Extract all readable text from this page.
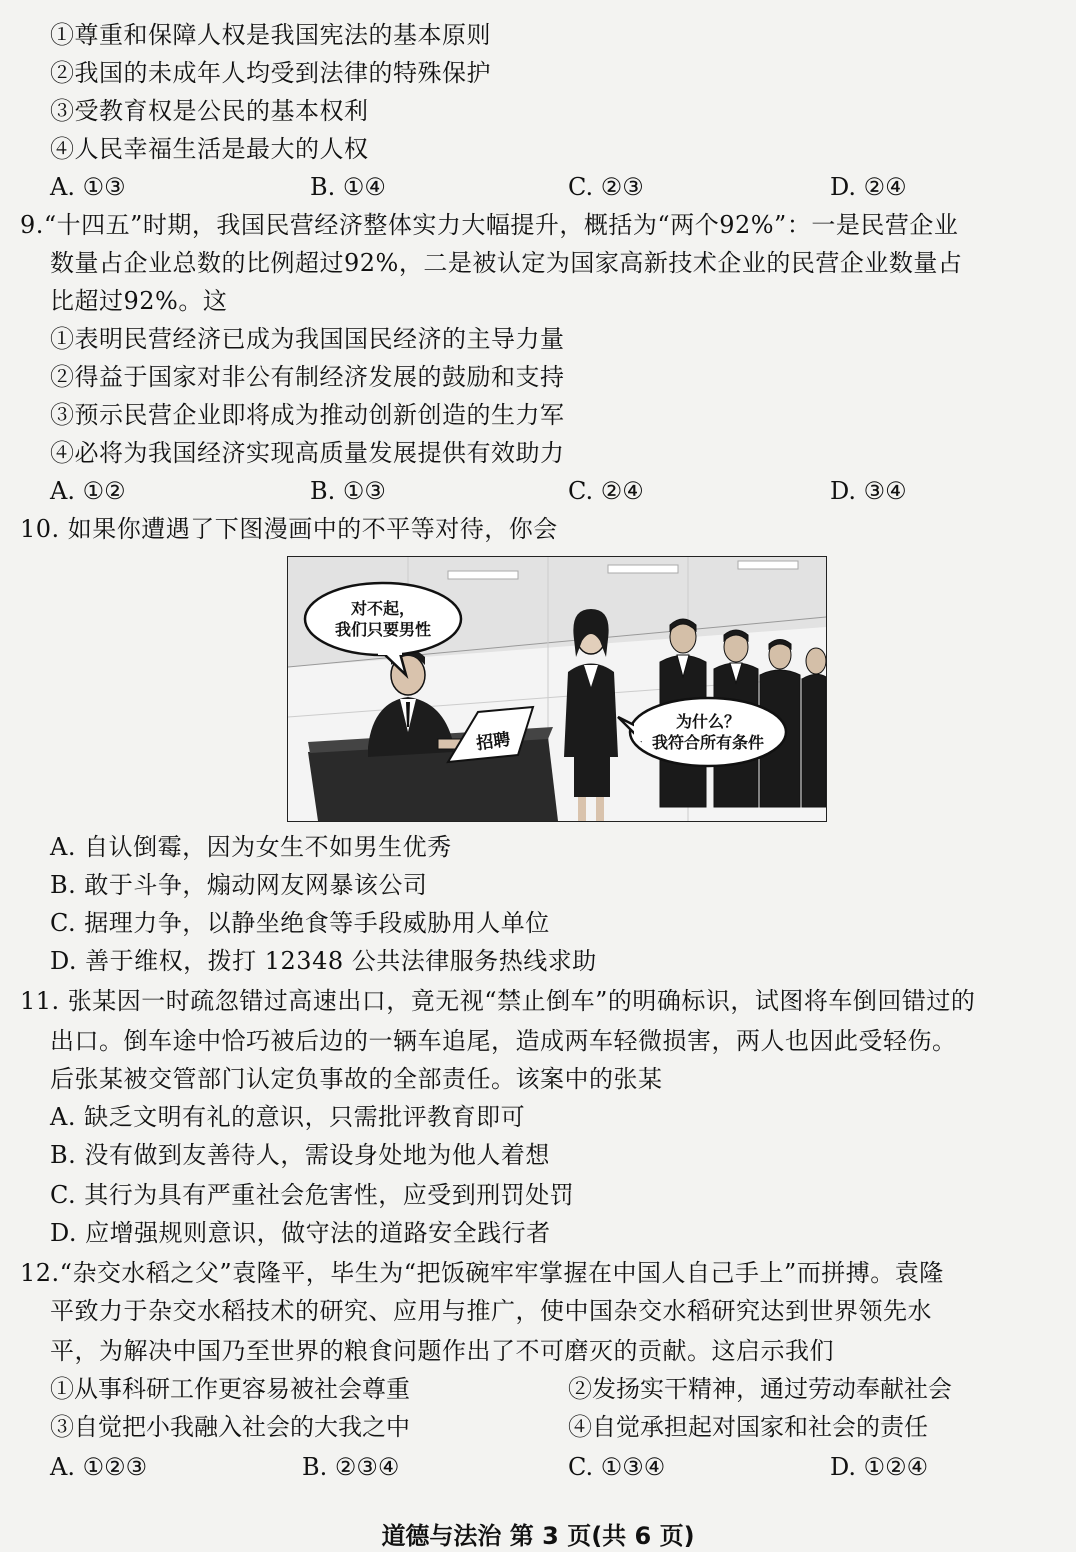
①尊重和保障人权是我国宪法的基本原则
②我国的未成年人均受到法律的特殊保护
③受教育权是公民的基本权利
④人民幸福生活是最大的人权
A. ①③	B. ①④	C. ②③	D. ②④
9.“十四五”时期，我国民营经济整体实力大幅提升，概括为“两个92%”：一是民营企业
数量占企业总数的比例超过92%，二是被认定为国家高新技术企业的民营企业数量占
比超过92%。这
①表明民营经济已成为我国国民经济的主导力量
②得益于国家对非公有制经济发展的鼓励和支持
③预示民营企业即将成为推动创新创造的生力军
④必将为我国经济实现高质量发展提供有效助力
A. ①②	B. ①③	C. ②④	D. ③④
10. 如果你遭遇了下图漫画中的不平等对待，你会
对不起，
我们只要男性
为什么？
我符合所有条件
招聘
A. 自认倒霉，因为女生不如男生优秀
B. 敢于斗争，煽动网友网暴该公司
C. 据理力争，以静坐绝食等手段威胁用人单位
D. 善于维权，拨打 12348 公共法律服务热线求助
11. 张某因一时疏忽错过高速出口，竟无视“禁止倒车”的明确标识，试图将车倒回错过的
出口。倒车途中恰巧被后边的一辆车追尾，造成两车轻微损害，两人也因此受轻伤。
后张某被交管部门认定负事故的全部责任。该案中的张某
A. 缺乏文明有礼的意识，只需批评教育即可
B. 没有做到友善待人，需设身处地为他人着想
C. 其行为具有严重社会危害性，应受到刑罚处罚
D. 应增强规则意识，做守法的道路安全践行者
12.“杂交水稻之父”袁隆平，毕生为“把饭碗牢牢掌握在中国人自己手上”而拼搏。袁隆
平致力于杂交水稻技术的研究、应用与推广，使中国杂交水稻研究达到世界领先水
平，为解决中国乃至世界的粮食问题作出了不可磨灭的贡献。这启示我们
①从事科研工作更容易被社会尊重	②发扬实干精神，通过劳动奉献社会
③自觉把小我融入社会的大我之中	④自觉承担起对国家和社会的责任
A. ①②③	B. ②③④	C. ①③④	D. ①②④
道德与法治 第 3 页(共 6 页)
